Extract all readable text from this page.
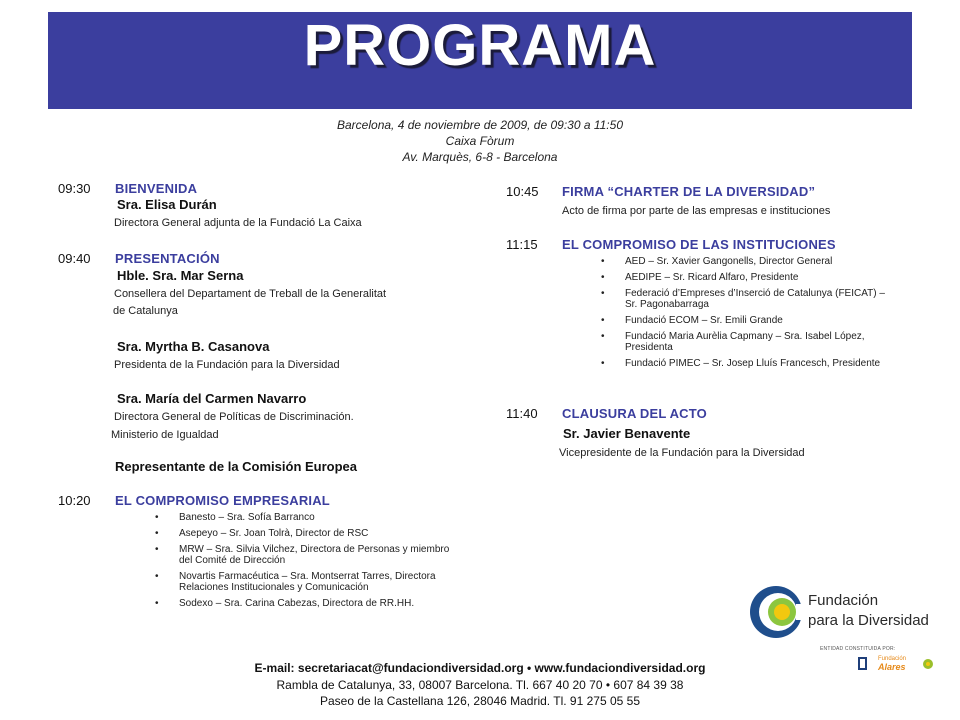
PROGRAMA
Barcelona, 4 de noviembre de 2009, de 09:30 a 11:50
Caixa Fòrum
Av. Marquès, 6-8 - Barcelona
09:30 BIENVENIDA
Sra. Elisa Durán
Directora General adjunta de la Fundació La Caixa
09:40 PRESENTACIÓN
Hble. Sra. Mar Serna
Consellera del Departament de Treball de la Generalitat
de Catalunya
Sra. Myrtha B. Casanova
Presidenta de la Fundación para la Diversidad
Sra. María del Carmen Navarro
Directora General de Políticas de Discriminación.
Ministerio de Igualdad
Representante de la Comisión Europea
10:20 EL COMPROMISO EMPRESARIAL
• Banesto – Sra. Sofía Barranco
• Asepeyo – Sr. Joan Tolrà, Director de RSC
• MRW – Sra. Silvia Vilchez, Directora de Personas y miembro del Comité de Dirección
• Novartis Farmacéutica – Sra. Montserrat Tarres, Directora Relaciones Institucionales y Comunicación
• Sodexo – Sra. Carina Cabezas, Directora de RR.HH.
10:45 FIRMA “CHARTER DE LA DIVERSIDAD”
Acto de firma por parte de las empresas e instituciones
11:15 EL COMPROMISO DE LAS INSTITUCIONES
• AED – Sr. Xavier Gangonells, Director General
• AEDIPE – Sr. Ricard Alfaro, Presidente
• Federació d’Empreses d’Inserció de Catalunya (FEICAT) – Sr. Pagonabarraga
• Fundació ECOM – Sr. Emili Grande
• Fundació Maria Aurèlia Capmany – Sra. Isabel López, Presidenta
• Fundació PIMEC – Sr. Josep Lluís Francesch, Presidente
11:40 CLAUSURA DEL ACTO
Sr. Javier Benavente
Vicepresidente de la Fundación para la Diversidad
Fundación
para la Diversidad
ENTIDAD CONSTITUIDA POR:
Fundación
Alares
E-mail: secretariacat@fundaciondiversidad.org • www.fundaciondiversidad.org
Rambla de Catalunya, 33, 08007 Barcelona. Tl. 667 40 20 70 • 607 84 39 38
Paseo de la Castellana 126, 28046 Madrid. Tl. 91 275 05 55
